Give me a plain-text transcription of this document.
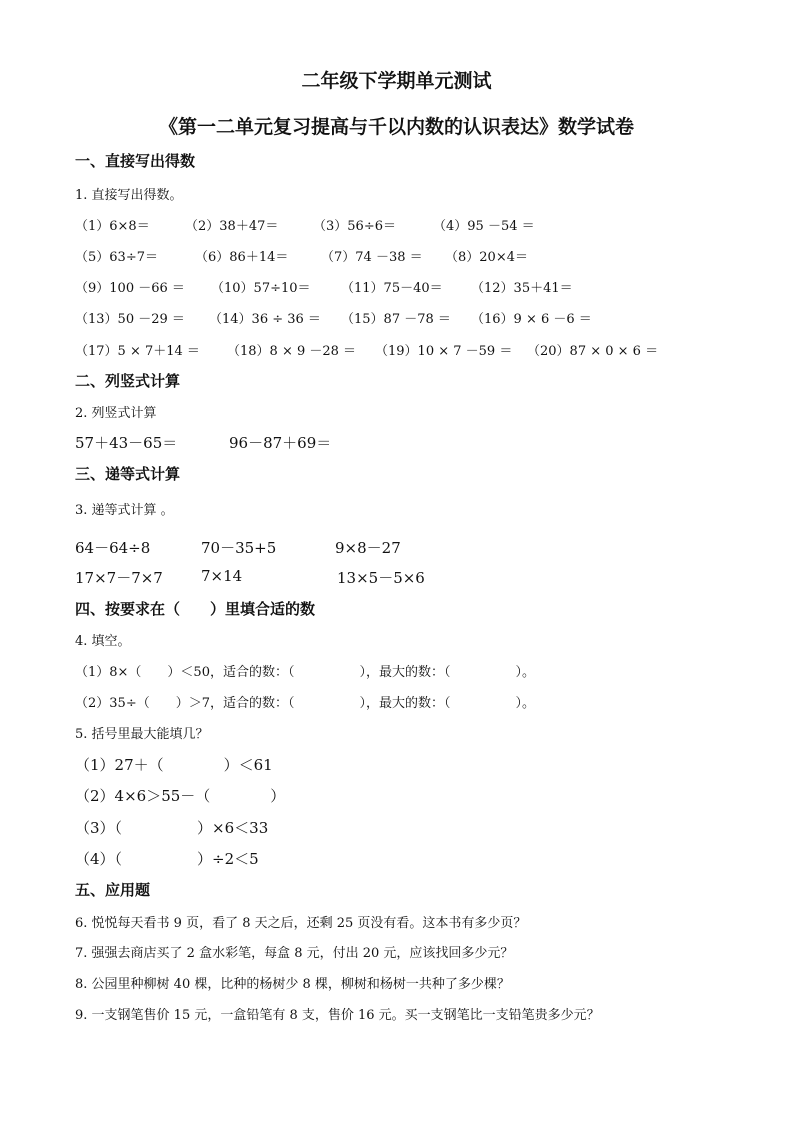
二年级下学期单元测试
《第一二单元复习提高与千以内数的认识表达》数学试卷
一、直接写出得数
1. 直接写出得数。
（1）6×8＝	（2）38＋47＝	（3）56÷6＝	（4）95 －54 ＝
（5）63÷7＝	（6）86＋14＝	（7）74 －38 ＝ （8）20×4＝
（9）100 －66 ＝ （10）57÷10＝ （11）75－40＝ （12）35＋41＝
（13）50 －29 ＝ （14）36 ÷ 36 ＝ （15）87 －78 ＝ （16）9 × 6 －6 ＝
（17）5 × 7＋14 ＝ （18）8 × 9 －28 ＝ （19）10 × 7 －59 ＝ （20）87 × 0 × 6 ＝
二、列竖式计算
2. 列竖式计算
57＋43－65＝	96－87＋69＝
三、递等式计算
3. 递等式计算 。
64－64÷8	70－35+5	9×8－27
17×7－7×7	7×14	13×5－5×6
四、按要求在（　　）里填合适的数
4. 填空。
（1）8×（　　）＜50，适合的数：（　　　　　），最大的数：（　　　　　）。
（2）35÷（　　）＞7，适合的数：（　　　　　），最大的数：（　　　　　）。
5. 括号里最大能填几？
（1）27＋（　　　　）＜61
（2）4×6＞55－（　　　　）
（3）（　　　　　）×6＜33
（4）（　　　　　）÷2＜5
五、应用题
6. 悦悦每天看书 9 页，看了 8 天之后，还剩 25 页没有看。这本书有多少页？
7. 强强去商店买了 2 盒水彩笔，每盒 8 元，付出 20 元，应该找回多少元？
8. 公园里种柳树 40 棵，比种的杨树少 8 棵，柳树和杨树一共种了多少棵？
9. 一支钢笔售价 15 元，一盒铅笔有 8 支，售价 16 元。买一支钢笔比一支铅笔贵多少元？
